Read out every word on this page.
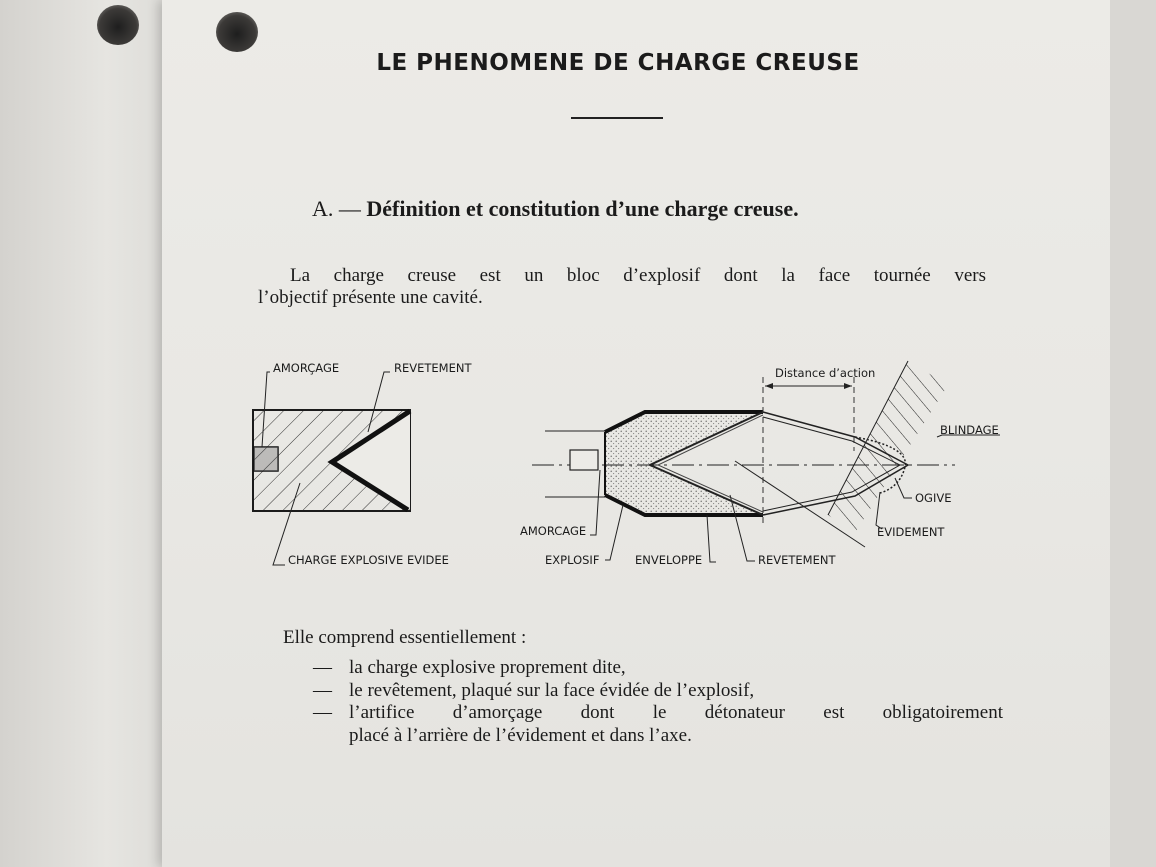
LE PHENOMENE DE CHARGE CREUSE
A. — Définition et constitution d’une charge creuse.
La charge creuse est un bloc d’explosif dont la face tournée vers
l’objectif présente une cavité.
AMORÇAGE	REVETEMENT
CHARGE EXPLOSIVE EVIDEE
Distance d’action
BLINDAGE
OGIVE
EVIDEMENT
AMORCAGE
EXPLOSIF	ENVELOPPE	REVETEMENT
Elle comprend essentiellement :
— la charge explosive proprement dite,
— le revêtement, plaqué sur la face évidée de l’explosif,
— l’artifice d’amorçage dont le détonateur est obligatoirement
placé à l’arrière de l’évidement et dans l’axe.
